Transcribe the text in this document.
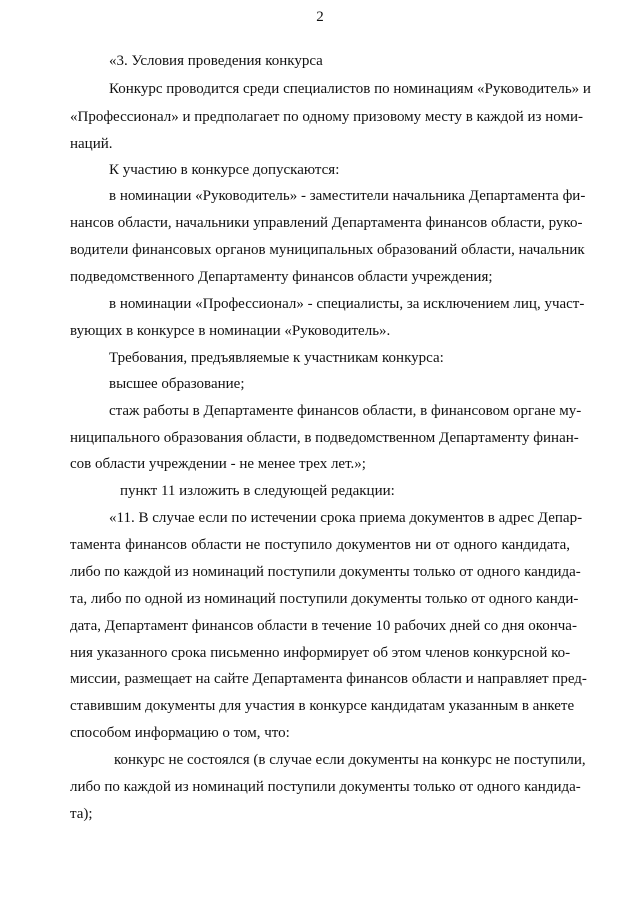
2
«3. Условия проведения конкурса
Конкурс проводится среди специалистов по номинациям «Руководитель» и
«Профессионал» и предполагает по одному призовому месту в каждой из номи-
наций.
К участию в конкурсе допускаются:
в номинации «Руководитель» - заместители начальника Департамента фи-
нансов области, начальники управлений Департамента финансов области, руко-
водители финансовых органов муниципальных образований области, начальник
подведомственного Департаменту финансов области учреждения;
в номинации «Профессионал» - специалисты, за исключением лиц, участ-
вующих в конкурсе в номинации «Руководитель».
Требования, предъявляемые к участникам конкурса:
высшее образование;
стаж работы в Департаменте финансов области, в финансовом органе му-
ниципального образования области, в подведомственном Департаменту финан-
сов области учреждении - не менее трех лет.»;
пункт 11 изложить в следующей редакции:
«11. В случае если по истечении срока приема документов в адрес Депар-
тамента финансов области не поступило документов ни от одного кандидата,
либо по каждой из номинаций поступили документы только от одного кандида-
та, либо по одной из номинаций поступили документы только от одного канди-
дата, Департамент финансов области в течение 10 рабочих дней со дня оконча-
ния указанного срока письменно информирует об этом членов конкурсной ко-
миссии, размещает на сайте Департамента финансов области и направляет пред-
ставившим документы для участия в конкурсе кандидатам указанным в анкете
способом информацию о том, что:
конкурс не состоялся (в случае если документы на конкурс не поступили,
либо по каждой из номинаций поступили документы только от одного кандида-
та);
